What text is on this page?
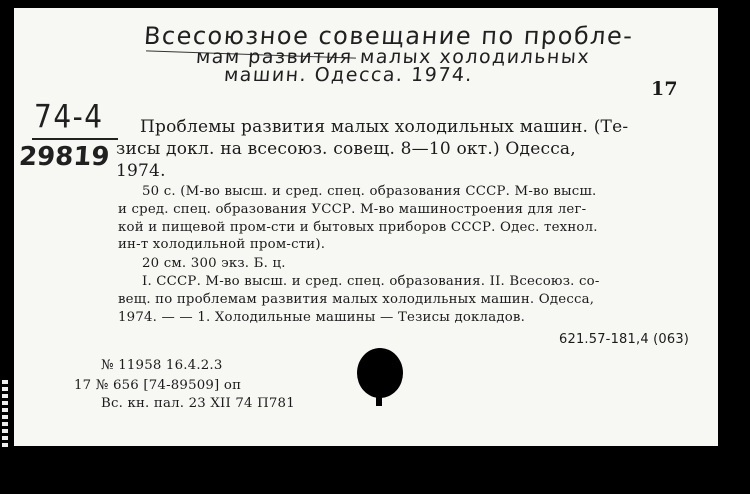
Всесоюзное совещание по пробле-
мам развития малых холодильных
машин. Одесса. 1974.
17
74-4
29819
Проблемы развития малых холодильных машин. (Те-
зисы докл. на всесоюз. совещ. 8—10 окт.) Одесса,
1974.
50 с. (М-во высш. и сред. спец. образования СССР. М-во высш.
и сред. спец. образования УССР. М-во машиностроения для лег-
кой и пищевой пром-сти и бытовых приборов СССР. Одес. технол.
ин-т холодильной пром-сти).
20 см. 300 экз. Б. ц.
I. СССР. М-во высш. и сред. спец. образования. II. Всесоюз. со-
вещ. по проблемам развития малых холодильных машин. Одесса,
1974. — — 1. Холодильные машины — Тезисы докладов.
621.57-181,4 (063)
№ 11958 16.4.2.3
17 № 656 [74-89509] оп
Вс. кн. пал. 23 XII 74 П781
